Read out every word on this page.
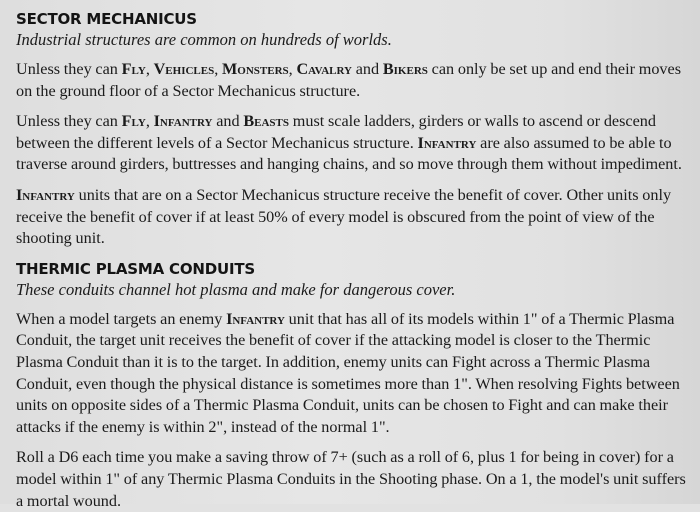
SECTOR MECHANICUS

Industrial structures are common on hundreds of worlds.

Unless they can Fly, Vehicles, Monsters, Cavalry and Bikers can only be set up and end their moves on the ground floor of a Sector Mechanicus structure.

Unless they can Fly, Infantry and Beasts must scale ladders, girders or walls to ascend or descend between the different levels of a Sector Mechanicus structure. Infantry are also assumed to be able to traverse around girders, buttresses and hanging chains, and so move through them without impediment.

Infantry units that are on a Sector Mechanicus structure receive the benefit of cover. Other units only receive the benefit of cover if at least 50% of every model is obscured from the point of view of the shooting unit.

THERMIC PLASMA CONDUITS

These conduits channel hot plasma and make for dangerous cover.

When a model targets an enemy Infantry unit that has all of its models within 1" of a Thermic Plasma Conduit, the target unit receives the benefit of cover if the attacking model is closer to the Thermic Plasma Conduit than it is to the target. In addition, enemy units can Fight across a Thermic Plasma Conduit, even though the physical distance is sometimes more than 1". When resolving Fights between units on opposite sides of a Thermic Plasma Conduit, units can be chosen to Fight and can make their attacks if the enemy is within 2", instead of the normal 1".

Roll a D6 each time you make a saving throw of 7+ (such as a roll of 6, plus 1 for being in cover) for a model within 1" of any Thermic Plasma Conduits in the Shooting phase. On a 1, the model's unit suffers a mortal wound.
